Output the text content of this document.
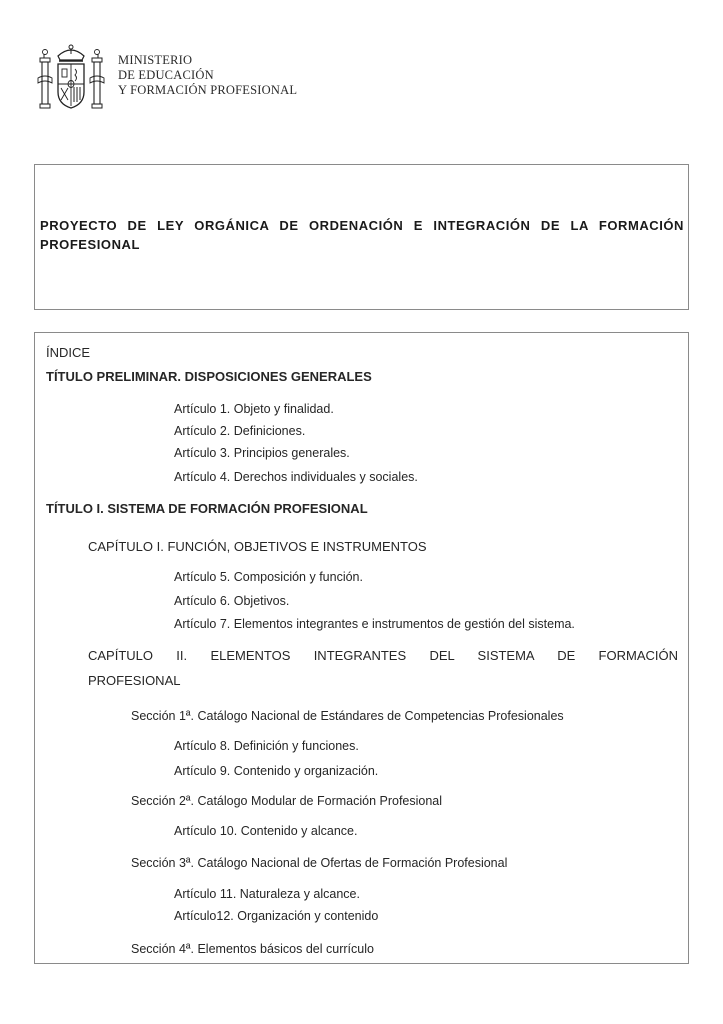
MINISTERIO
DE EDUCACIÓN
Y FORMACIÓN PROFESIONAL
PROYECTO DE LEY ORGÁNICA DE ORDENACIÓN E INTEGRACIÓN DE LA FORMACIÓN PROFESIONAL
ÍNDICE
TÍTULO PRELIMINAR. DISPOSICIONES GENERALES
Artículo 1. Objeto y finalidad.
Artículo 2. Definiciones.
Artículo 3. Principios generales.
Artículo 4. Derechos individuales y sociales.
TÍTULO I. SISTEMA DE FORMACIÓN PROFESIONAL
CAPÍTULO I. FUNCIÓN, OBJETIVOS E INSTRUMENTOS
Artículo 5. Composición y función.
Artículo 6. Objetivos.
Artículo 7. Elementos integrantes e instrumentos de gestión del sistema.
CAPÍTULO II. ELEMENTOS INTEGRANTES DEL SISTEMA DE FORMACIÓN PROFESIONAL
Sección 1ª. Catálogo Nacional de Estándares de Competencias Profesionales
Artículo 8. Definición y funciones.
Artículo 9. Contenido y organización.
Sección 2ª. Catálogo Modular de Formación Profesional
Artículo 10. Contenido y alcance.
Sección 3ª. Catálogo Nacional de Ofertas de Formación Profesional
Artículo 11. Naturaleza y alcance.
Artículo12. Organización y contenido
Sección 4ª. Elementos básicos del currículo
